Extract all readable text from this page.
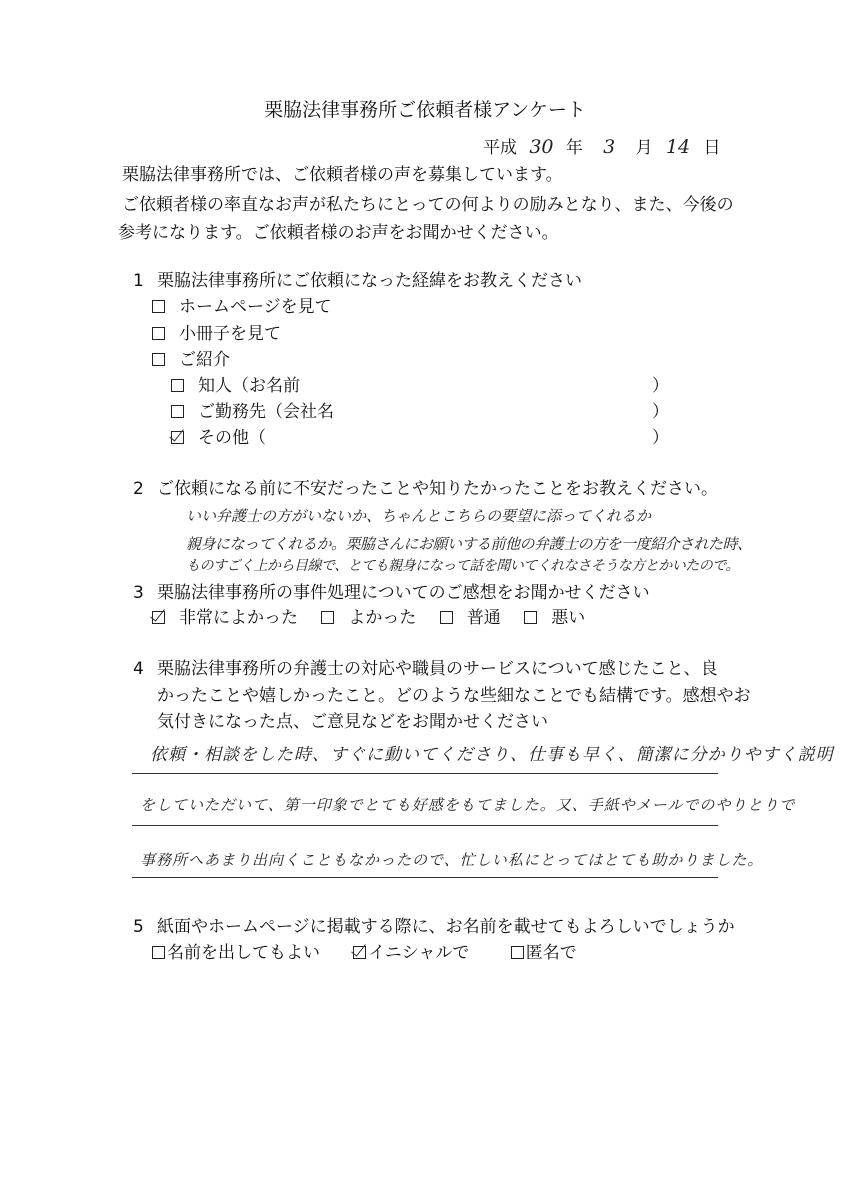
栗脇法律事務所ご依頼者様アンケート
平成 30 年 3 月 14 日
栗脇法律事務所では、ご依頼者様の声を募集しています。
ご依頼者様の率直なお声が私たちにとっての何よりの励みとなり、また、今後の
参考になります。ご依頼者様のお声をお聞かせください。
1 栗脇法律事務所にご依頼になった経緯をお教えください
ホームページを見て
小冊子を見て
ご紹介
知人（お名前	）
ご勤務先（会社名	）
その他（	）
2 ご依頼になる前に不安だったことや知りたかったことをお教えください。
いい弁護士の方がいないか、ちゃんとこちらの要望に添ってくれるか
親身になってくれるか。栗脇さんにお願いする前他の弁護士の方を一度紹介された時、
ものすごく上から目線で、とても親身になって話を聞いてくれなさそうな方とかいたので。
3 栗脇法律事務所の事件処理についてのご感想をお聞かせください
非常によかった	よかった	普通	悪い
4 栗脇法律事務所の弁護士の対応や職員のサービスについて感じたこと、良
かったことや嬉しかったこと。どのような些細なことでも結構です。感想やお
気付きになった点、ご意見などをお聞かせください
依頼・相談をした時、すぐに動いてくださり、仕事も早く、簡潔に分かりやすく説明
をしていただいて、第一印象でとても好感をもてました。又、手紙やメールでのやりとりで
事務所へあまり出向くこともなかったので、忙しい私にとってはとても助かりました。
5 紙面やホームページに掲載する際に、お名前を載せてもよろしいでしょうか
名前を出してもよい	イニシャルで	匿名で
